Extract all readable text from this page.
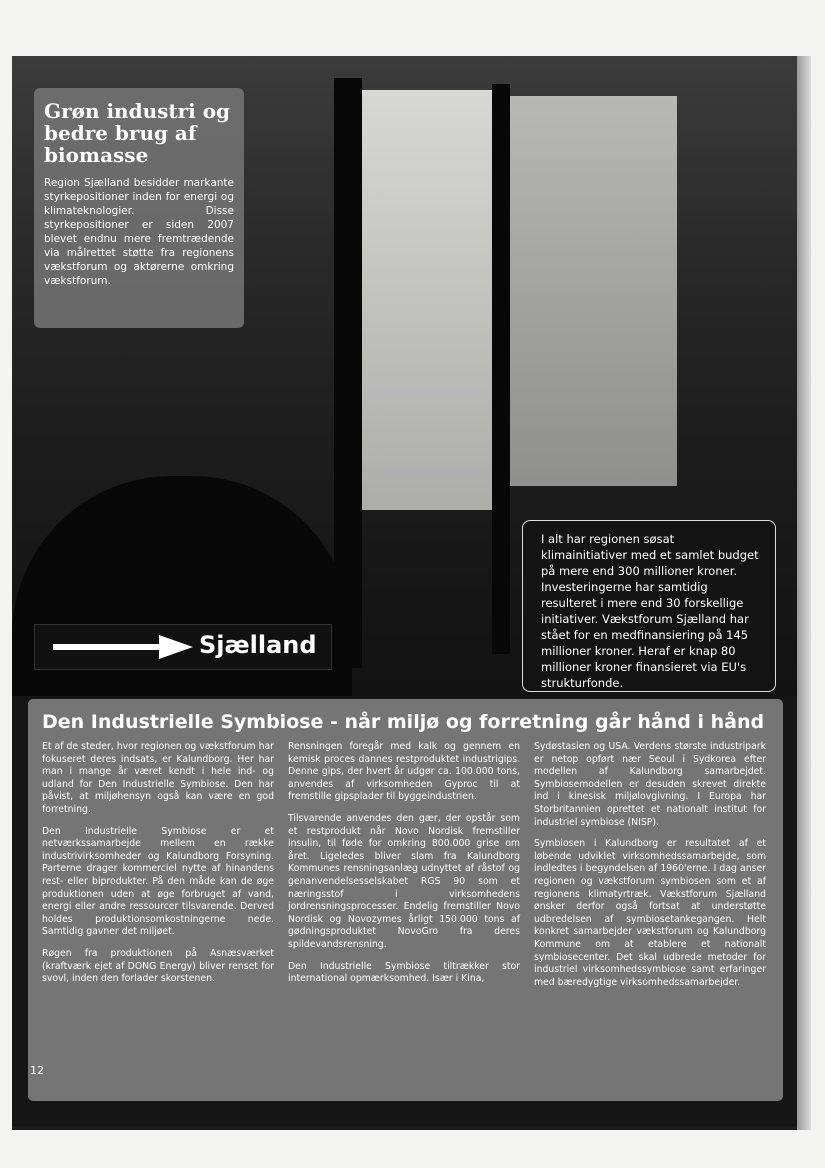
Grøn industri og bedre brug af biomasse
Region Sjælland besidder markante styrkepositioner inden for energi og klimateknologier. Disse styrkepositioner er siden 2007 blevet endnu mere fremtrædende via målrettet støtte fra regionens vækstforum og aktørerne omkring vækstforum.
I alt har regionen søsat klimainitiativer med et samlet budget på mere end 300 millioner kroner. Investeringerne har samtidig resulteret i mere end 30 forskellige initiativer. Vækstforum Sjælland har stået for en medfinansiering på 145 millioner kroner. Heraf er knap 80 millioner kroner finansieret via EU's strukturfonde.
Sjælland
Den Industrielle Symbiose - når miljø og forretning går hånd i hånd

Et af de steder, hvor regionen og vækstforum har fokuseret deres indsats, er Kalundborg. Her har man i mange år været kendt i hele ind- og udland for Den Industrielle Symbiose. Den har påvist, at miljøhensyn også kan være en god forretning.

Den Industrielle Symbiose er et netværkssamarbejde mellem en række industrivirksomheder og Kalundborg Forsyning. Parterne drager kommerciel nytte af hinandens rest- eller biprodukter. På den måde kan de øge produktionen uden at øge forbruget af vand, energi eller andre ressourcer tilsvarende. Derved holdes produktionsomkostningerne nede. Samtidig gavner det miljøet.

Røgen fra produktionen på Asnæsværket (kraftværk ejet af DONG Energy) bliver renset for svovl, inden den forlader skorstenen.

Rensningen foregår med kalk og gennem en kemisk proces dannes restproduktet industrigips. Denne gips, der hvert år udgør ca. 100.000 tons, anvendes af virksomheden Gyproc til at fremstille gipsplader til byggeindustrien.

Tilsvarende anvendes den gær, der opstår som et restprodukt når Novo Nordisk fremstiller insulin, til føde for omkring 800.000 grise om året. Ligeledes bliver slam fra Kalundborg Kommunes rensningsanlæg udnyttet af råstof og genanvendelsesselskabet RGS 90 som et næringsstof i virksomhedens jordrensningsprocesser. Endelig fremstiller Novo Nordisk og Novozymes årligt 150.000 tons af gødningsproduktet NovoGro fra deres spildevandsrensning.

Den Industrielle Symbiose tiltrækker stor international opmærksomhed. Især i Kina,

Sydøstasien og USA. Verdens største industripark er netop opført nær Seoul i Sydkorea efter modellen af Kalundborg samarbejdet. Symbiosemodellen er desuden skrevet direkte ind i kinesisk miljølovgivning. I Europa har Storbritannien oprettet et nationalt institut for industriel symbiose (NISP).

Symbiosen i Kalundborg er resultatet af et løbende udviklet virksomhedssamarbejde, som indledtes i begyndelsen af 1960'erne. I dag anser regionen og vækstforum symbiosen som et af regionens klimatyrtræk. Vækstforum Sjælland ønsker derfor også fortsat at understøtte udbredelsen af symbiosetankegangen. Helt konkret samarbejder vækstforum og Kalundborg Kommune om at etablere et nationalt symbiosecenter. Det skal udbrede metoder for industriel virksomhedssymbiose samt erfaringer med bæredygtige virksomhedssamarbejder.

12
